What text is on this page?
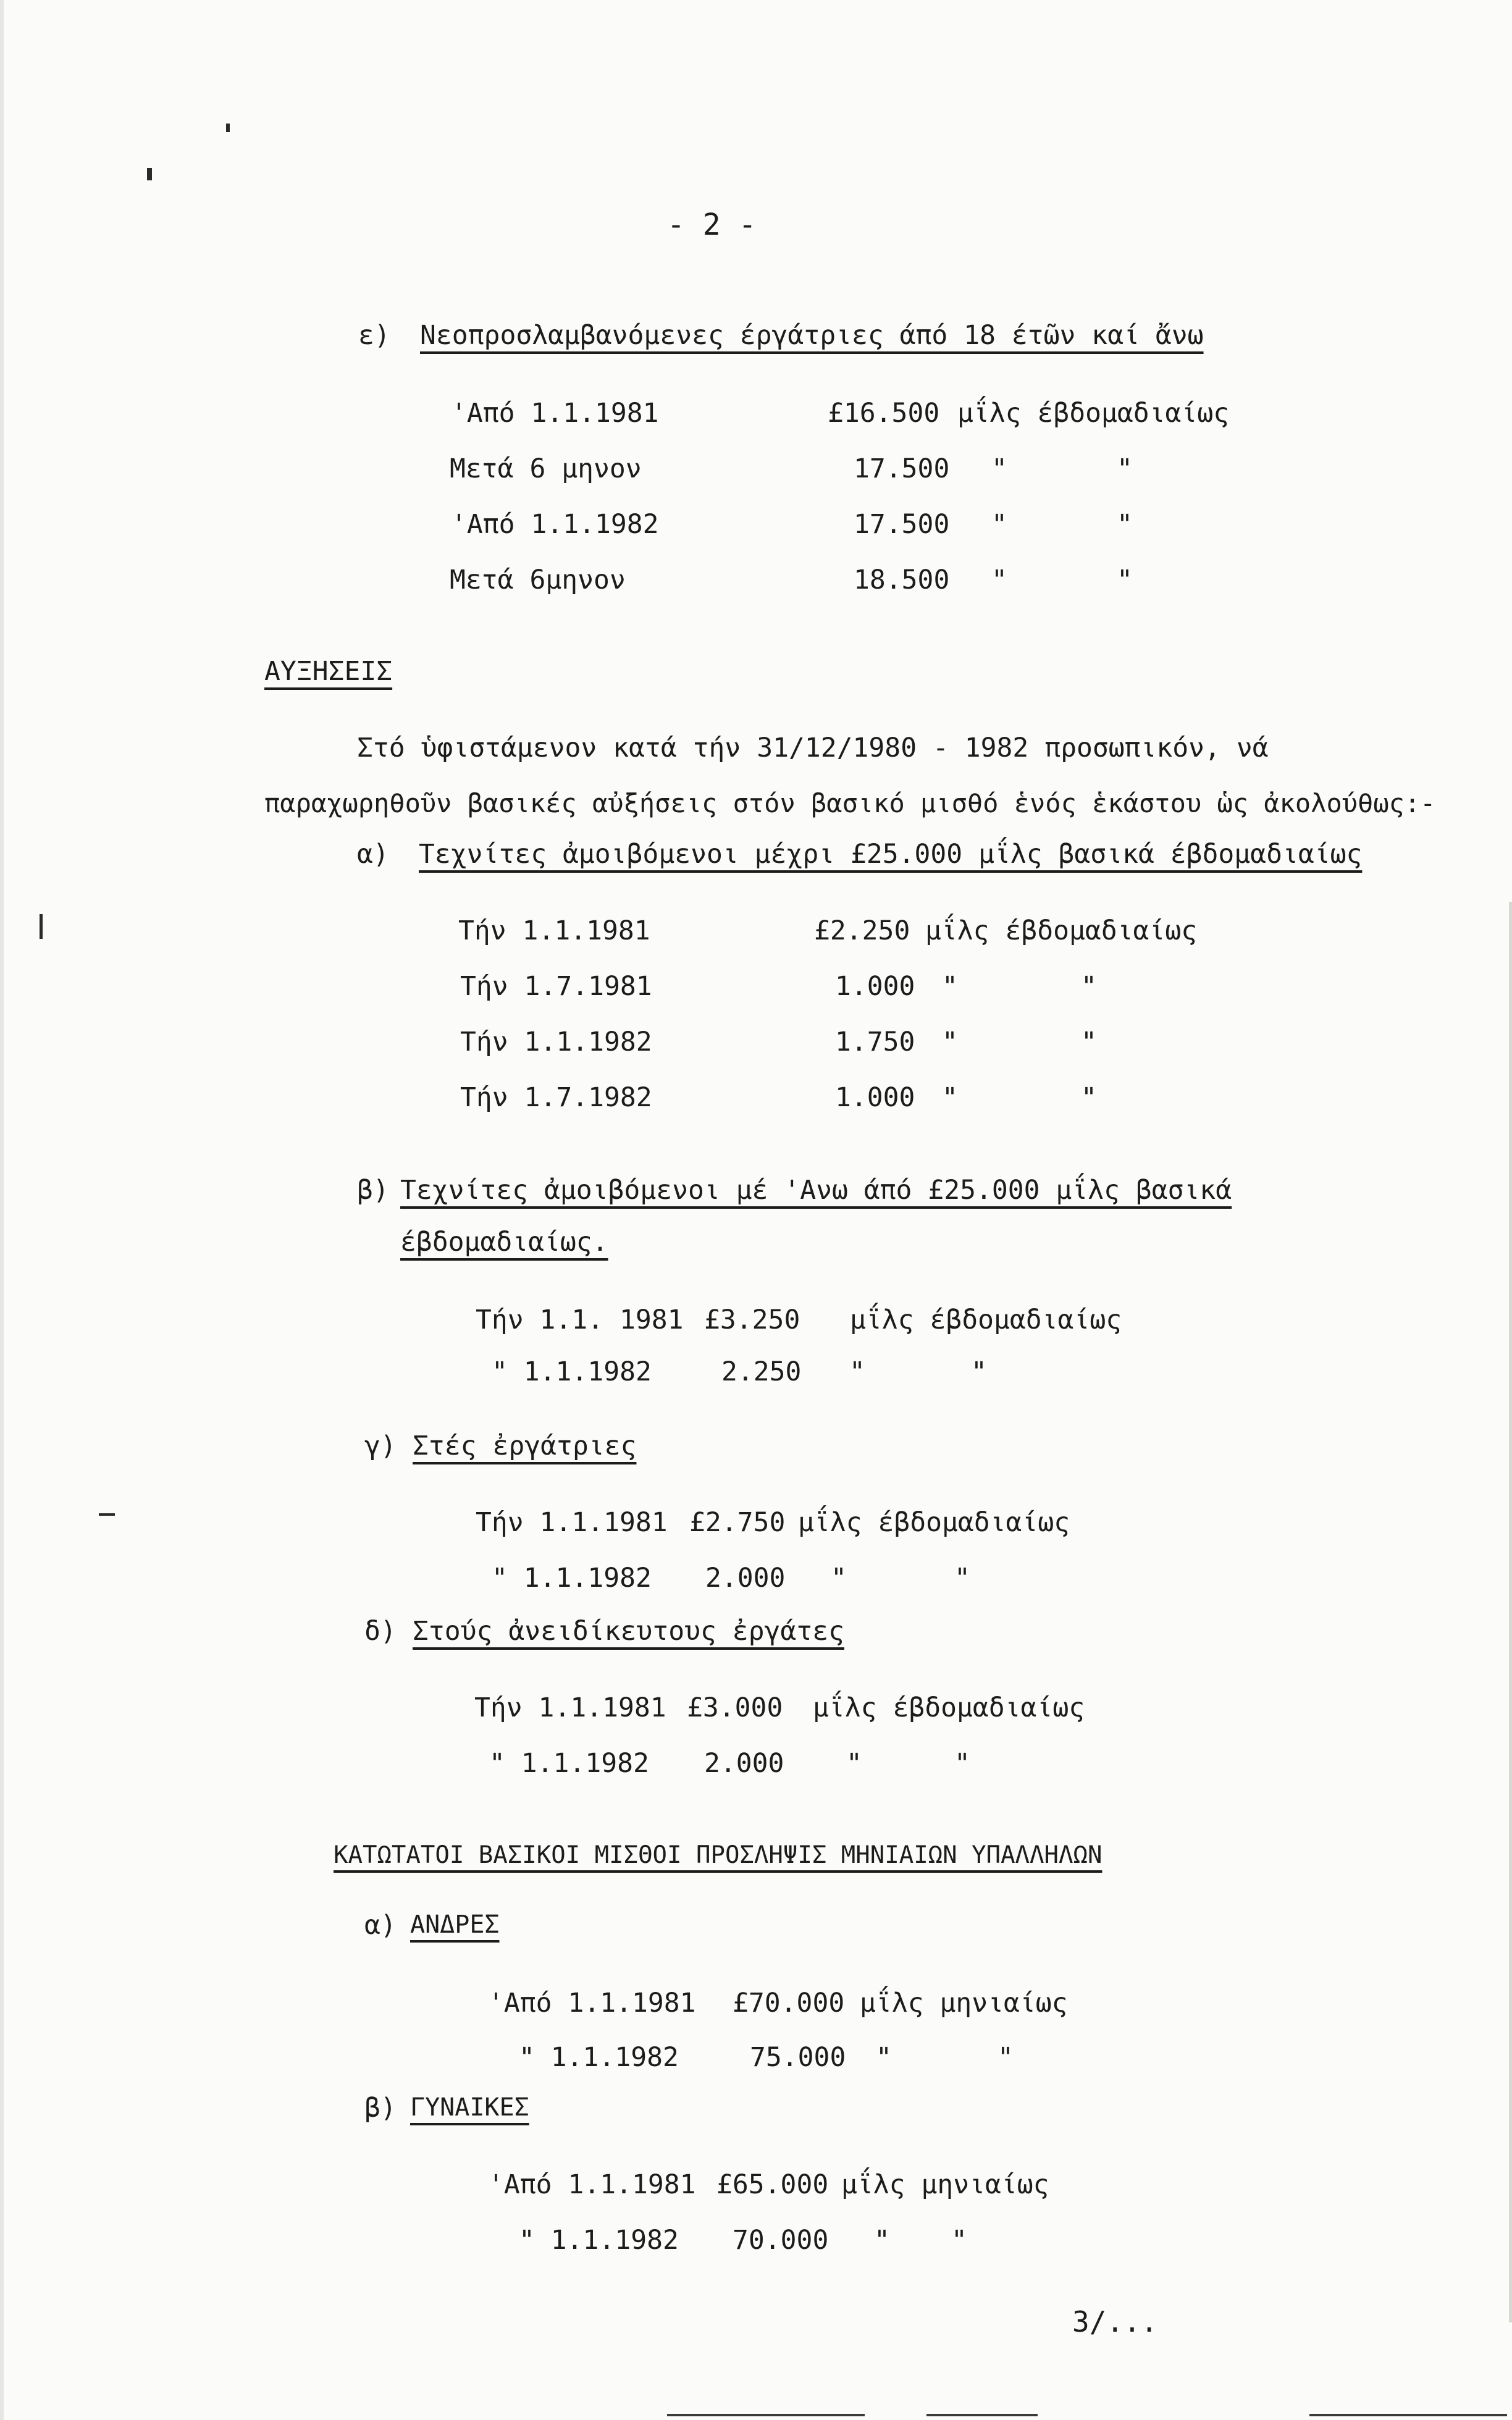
- 2 -
ε) Νεοπροσλαμβανόμενες έργάτριες άπό 18 έτῶν καί ἄνω
'Από 1.1.1981	£16.500 μΐλς έβδομαδιαίως
Μετά 6 μηνον	17.500 "	"
'Από 1.1.1982	17.500 "	"
Μετά 6μηνον	18.500 "	"
ΑΥΞΗΣΕΙΣ
Στό ὑφιστάμενον κατά τήν 31/12/1980 - 1982 προσωπικόν, νά
παραχωρηθοῦν βασικές αὐξήσεις στόν βασικό μισθό ἑνός ἑκάστου ὡς ἀκολούθως:-
α) Τεχνίτες ἀμοιβόμενοι μέχρι £25.000 μΐλς βασικά έβδομαδιαίως
Τήν 1.1.1981	£2.250 μΐλς έβδομαδιαίως
Τήν 1.7.1981	1.000 "	"
Τήν 1.1.1982	1.750 "	"
Τήν 1.7.1982	1.000 "	"
β) Τεχνίτες ἀμοιβόμενοι μέ 'Ανω άπό £25.000 μΐλς βασικά
έβδομαδιαίως.
Τήν 1.1. 1981 £3.250 μΐλς έβδομαδιαίως
" 1.1.1982	2.250 "	"
γ) Στές ἐργάτριες
Τήν 1.1.1981 £2.750 μΐλς έβδομαδιαίως
" 1.1.1982 2.000 "	"
δ) Στούς ἀνειδίκευτους ἐργάτες
Τήν 1.1.1981 £3.000 μΐλς έβδομαδιαίως
" 1.1.1982 2.000 "	"
ΚΑΤΩΤΑΤΟΙ ΒΑΣΙΚΟΙ ΜΙΣΘΟΙ ΠΡΟΣΛΗΨΙΣ ΜΗΝΙΑΙΩΝ ΥΠΑΛΛΗΛΩΝ
α) ΑΝΔΡΕΣ
'Από 1.1.1981 £70.000 μΐλς μηνιαίως
" 1.1.1982	75.000 "	"
β) ΓΥΝΑΙΚΕΣ
'Από 1.1.1981 £65.000 μΐλς μηνιαίως
" 1.1.1982 70.000 " "
3/...
